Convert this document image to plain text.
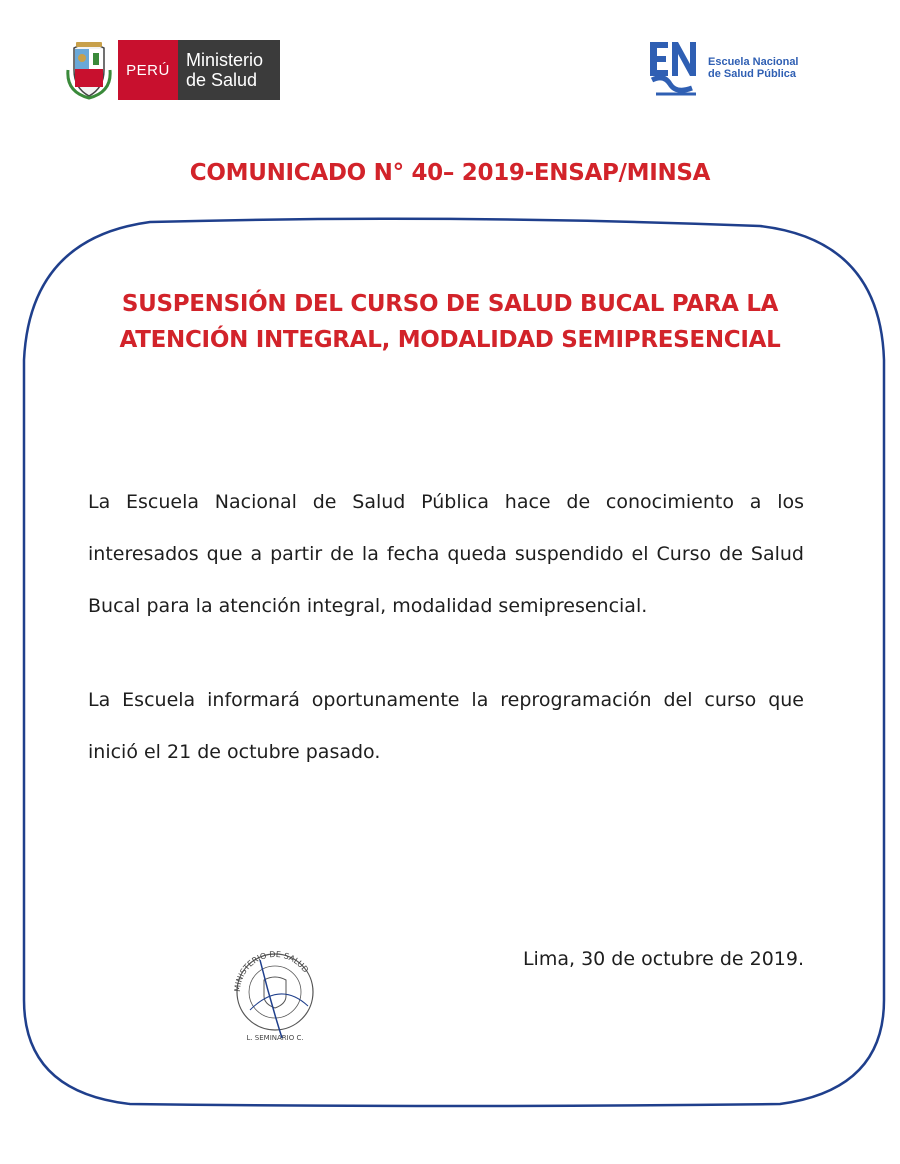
PERÚ Ministerio
de Salud
Escuela Nacional
de Salud Pública
COMUNICADO N° 40– 2019-ENSAP/MINSA
SUSPENSIÓN DEL CURSO DE SALUD BUCAL PARA LA
ATENCIÓN INTEGRAL, MODALIDAD SEMIPRESENCIAL
La Escuela Nacional de Salud Pública hace de conocimiento a los interesados que a partir de la fecha queda suspendido el Curso de Salud Bucal para la atención integral, modalidad semipresencial.
La Escuela informará oportunamente la reprogramación del curso que inició el 21 de octubre pasado.
MINISTERIO DE SALUD
L. SEMINARIO C.
Lima, 30 de octubre de 2019.
